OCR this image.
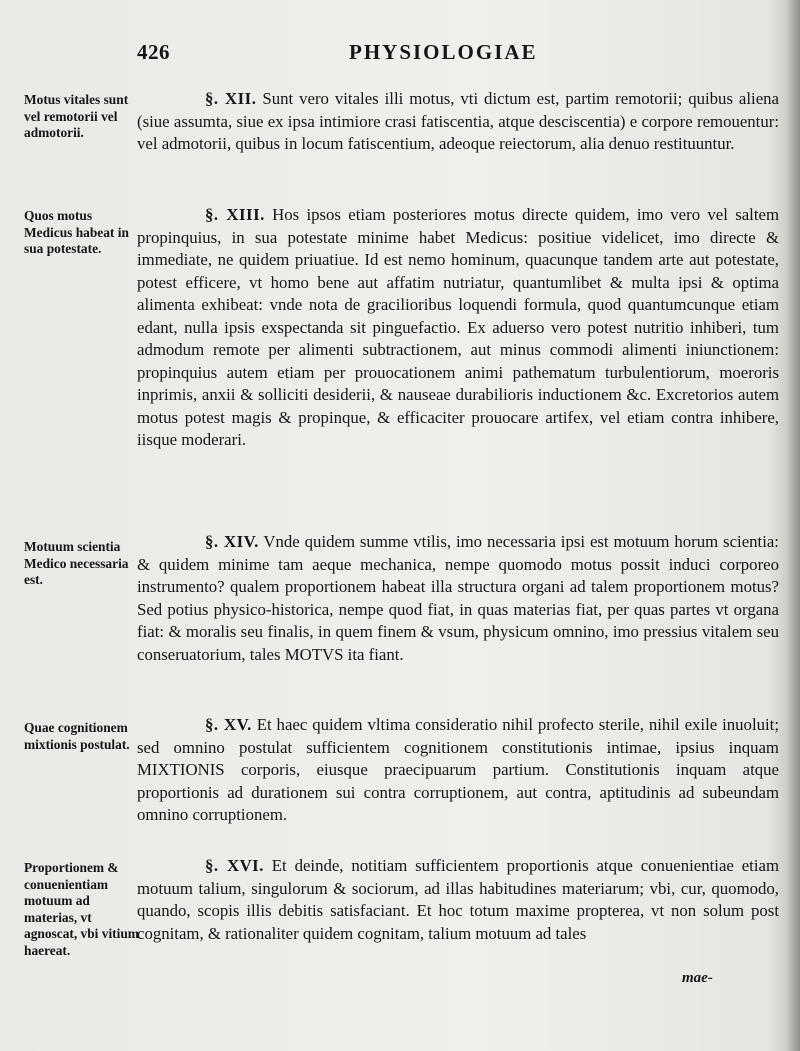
426	PHYSIOLOGIAE
Motus vitales sunt vel remotorii vel admotorii.
Quos motus Medicus habeat in sua potestate.
Motuum scientia Medico necessaria est.
Quae cognitionem mixtionis postulat.
Proportionem & conuenientiam motuum ad materias, vt agnoscat, vbi vitium haereat.

§. XII. Sunt vero vitales illi motus, vti dictum est, partim remotorii; quibus aliena (siue assumta, siue ex ipsa intimiore crasi fatiscentia, atque desciscentia) e corpore remouentur: vel admotorii, quibus in locum fatiscentium, adeoque reiectorum, alia denuo restituuntur.

§. XIII. Hos ipsos etiam posteriores motus directe quidem, imo vero vel saltem propinquius, in sua potestate minime habet Medicus: positiue videlicet, imo directe & immediate, ne quidem priuatiue. Id est nemo hominum, quacunque tandem arte aut potestate, potest efficere, vt homo bene aut affatim nutriatur, quantumlibet & multa ipsi & optima alimenta exhibeat: vnde nota de gracilioribus loquendi formula, quod quantumcunque etiam edant, nulla ipsis exspectanda sit pinguefactio. Ex aduerso vero potest nutritio inhiberi, tum admodum remote per alimenti subtractionem, aut minus commodi alimenti iniunctionem: propinquius autem etiam per prouocationem animi pathematum turbulentiorum, moeroris inprimis, anxii & solliciti desiderii, & nauseae durabilioris inductionem &c. Excretorios autem motus potest magis & propinque, & efficaciter prouocare artifex, vel etiam contra inhibere, iisque moderari.

§. XIV. Vnde quidem summe vtilis, imo necessaria ipsi est motuum horum scientia: & quidem minime tam aeque mechanica, nempe quomodo motus possit induci corporeo instrumento? qualem proportionem habeat illa structura organi ad talem proportionem motus? Sed potius physico-historica, nempe quod fiat, in quas materias fiat, per quas partes vt organa fiat: & moralis seu finalis, in quem finem & vsum, physicum omnino, imo pressius vitalem seu conseruatorium, tales MOTVS ita fiant.

§. XV. Et haec quidem vltima consideratio nihil profecto sterile, nihil exile inuoluit; sed omnino postulat sufficientem cognitionem constitutionis intimae, ipsius inquam MIXTIONIS corporis, eiusque praecipuarum partium. Constitutionis inquam atque proportionis ad durationem sui contra corruptionem, aut contra, aptitudinis ad subeundam omnino corruptionem.

§. XVI. Et deinde, notitiam sufficientem proportionis atque conuenientiae etiam motuum talium, singulorum & sociorum, ad illas habitudines materiarum; vbi, cur, quomodo, quando, scopis illis debitis satisfaciant. Et hoc totum maxime propterea, vt non solum post cognitam, & rationaliter quidem cognitam, talium motuum ad tales

mae-
